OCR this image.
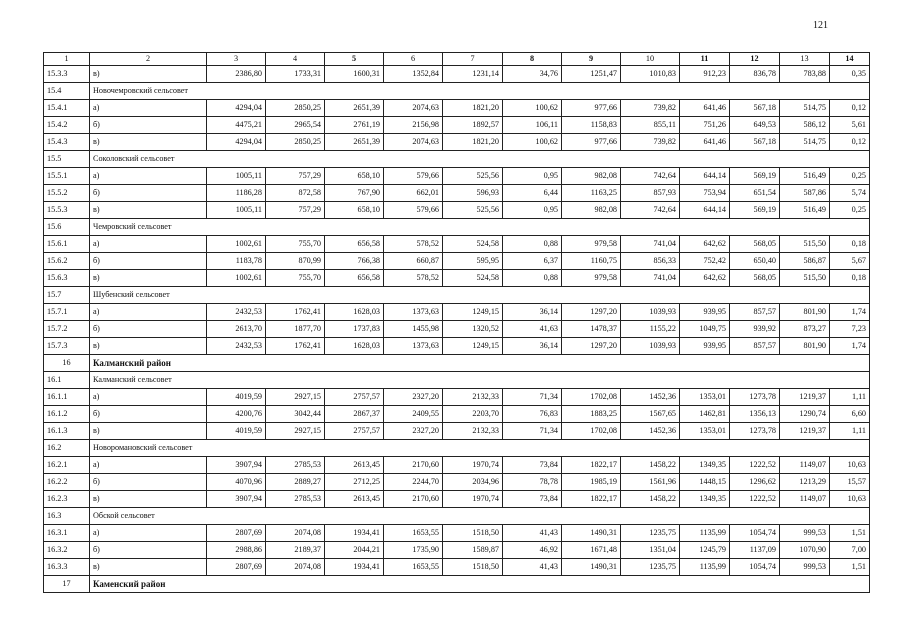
121
1	2	3	4	5	6	7	8	9	10	11	12	13	14
15.3.3	в)	2386,80	1733,31	1600,31	1352,84	1231,14	34,76	1251,47	1010,83	912,23	836,78	783,88	0,35
15.4	Новочемровский сельсовет												
15.4.1	а)	4294,04	2850,25	2651,39	2074,63	1821,20	100,62	977,66	739,82	641,46	567,18	514,75	0,12
15.4.2	б)	4475,21	2965,54	2761,19	2156,98	1892,57	106,11	1158,83	855,11	751,26	649,53	586,12	5,61
15.4.3	в)	4294,04	2850,25	2651,39	2074,63	1821,20	100,62	977,66	739,82	641,46	567,18	514,75	0,12
15.5	Соколовский сельсовет												
15.5.1	а)	1005,11	757,29	658,10	579,66	525,56	0,95	982,08	742,64	644,14	569,19	516,49	0,25
15.5.2	б)	1186,28	872,58	767,90	662,01	596,93	6,44	1163,25	857,93	753,94	651,54	587,86	5,74
15.5.3	в)	1005,11	757,29	658,10	579,66	525,56	0,95	982,08	742,64	644,14	569,19	516,49	0,25
15.6	Чемровский сельсовет												
15.6.1	а)	1002,61	755,70	656,58	578,52	524,58	0,88	979,58	741,04	642,62	568,05	515,50	0,18
15.6.2	б)	1183,78	870,99	766,38	660,87	595,95	6,37	1160,75	856,33	752,42	650,40	586,87	5,67
15.6.3	в)	1002,61	755,70	656,58	578,52	524,58	0,88	979,58	741,04	642,62	568,05	515,50	0,18
15.7	Шубенский сельсовет												
15.7.1	а)	2432,53	1762,41	1628,03	1373,63	1249,15	36,14	1297,20	1039,93	939,95	857,57	801,90	1,74
15.7.2	б)	2613,70	1877,70	1737,83	1455,98	1320,52	41,63	1478,37	1155,22	1049,75	939,92	873,27	7,23
15.7.3	в)	2432,53	1762,41	1628,03	1373,63	1249,15	36,14	1297,20	1039,93	939,95	857,57	801,90	1,74
16	Калманский район												
16.1	Калманский сельсовет												
16.1.1	а)	4019,59	2927,15	2757,57	2327,20	2132,33	71,34	1702,08	1452,36	1353,01	1273,78	1219,37	1,11
16.1.2	б)	4200,76	3042,44	2867,37	2409,55	2203,70	76,83	1883,25	1567,65	1462,81	1356,13	1290,74	6,60
16.1.3	в)	4019,59	2927,15	2757,57	2327,20	2132,33	71,34	1702,08	1452,36	1353,01	1273,78	1219,37	1,11
16.2	Новороманoвский сельсовет												
16.2.1	а)	3907,94	2785,53	2613,45	2170,60	1970,74	73,84	1822,17	1458,22	1349,35	1222,52	1149,07	10,63
16.2.2	б)	4070,96	2889,27	2712,25	2244,70	2034,96	78,78	1985,19	1561,96	1448,15	1296,62	1213,29	15,57
16.2.3	в)	3907,94	2785,53	2613,45	2170,60	1970,74	73,84	1822,17	1458,22	1349,35	1222,52	1149,07	10,63
16.3	Обской сельсовет												
16.3.1	а)	2807,69	2074,08	1934,41	1653,55	1518,50	41,43	1490,31	1235,75	1135,99	1054,74	999,53	1,51
16.3.2	б)	2988,86	2189,37	2044,21	1735,90	1589,87	46,92	1671,48	1351,04	1245,79	1137,09	1070,90	7,00
16.3.3	в)	2807,69	2074,08	1934,41	1653,55	1518,50	41,43	1490,31	1235,75	1135,99	1054,74	999,53	1,51
17	Каменский район												
